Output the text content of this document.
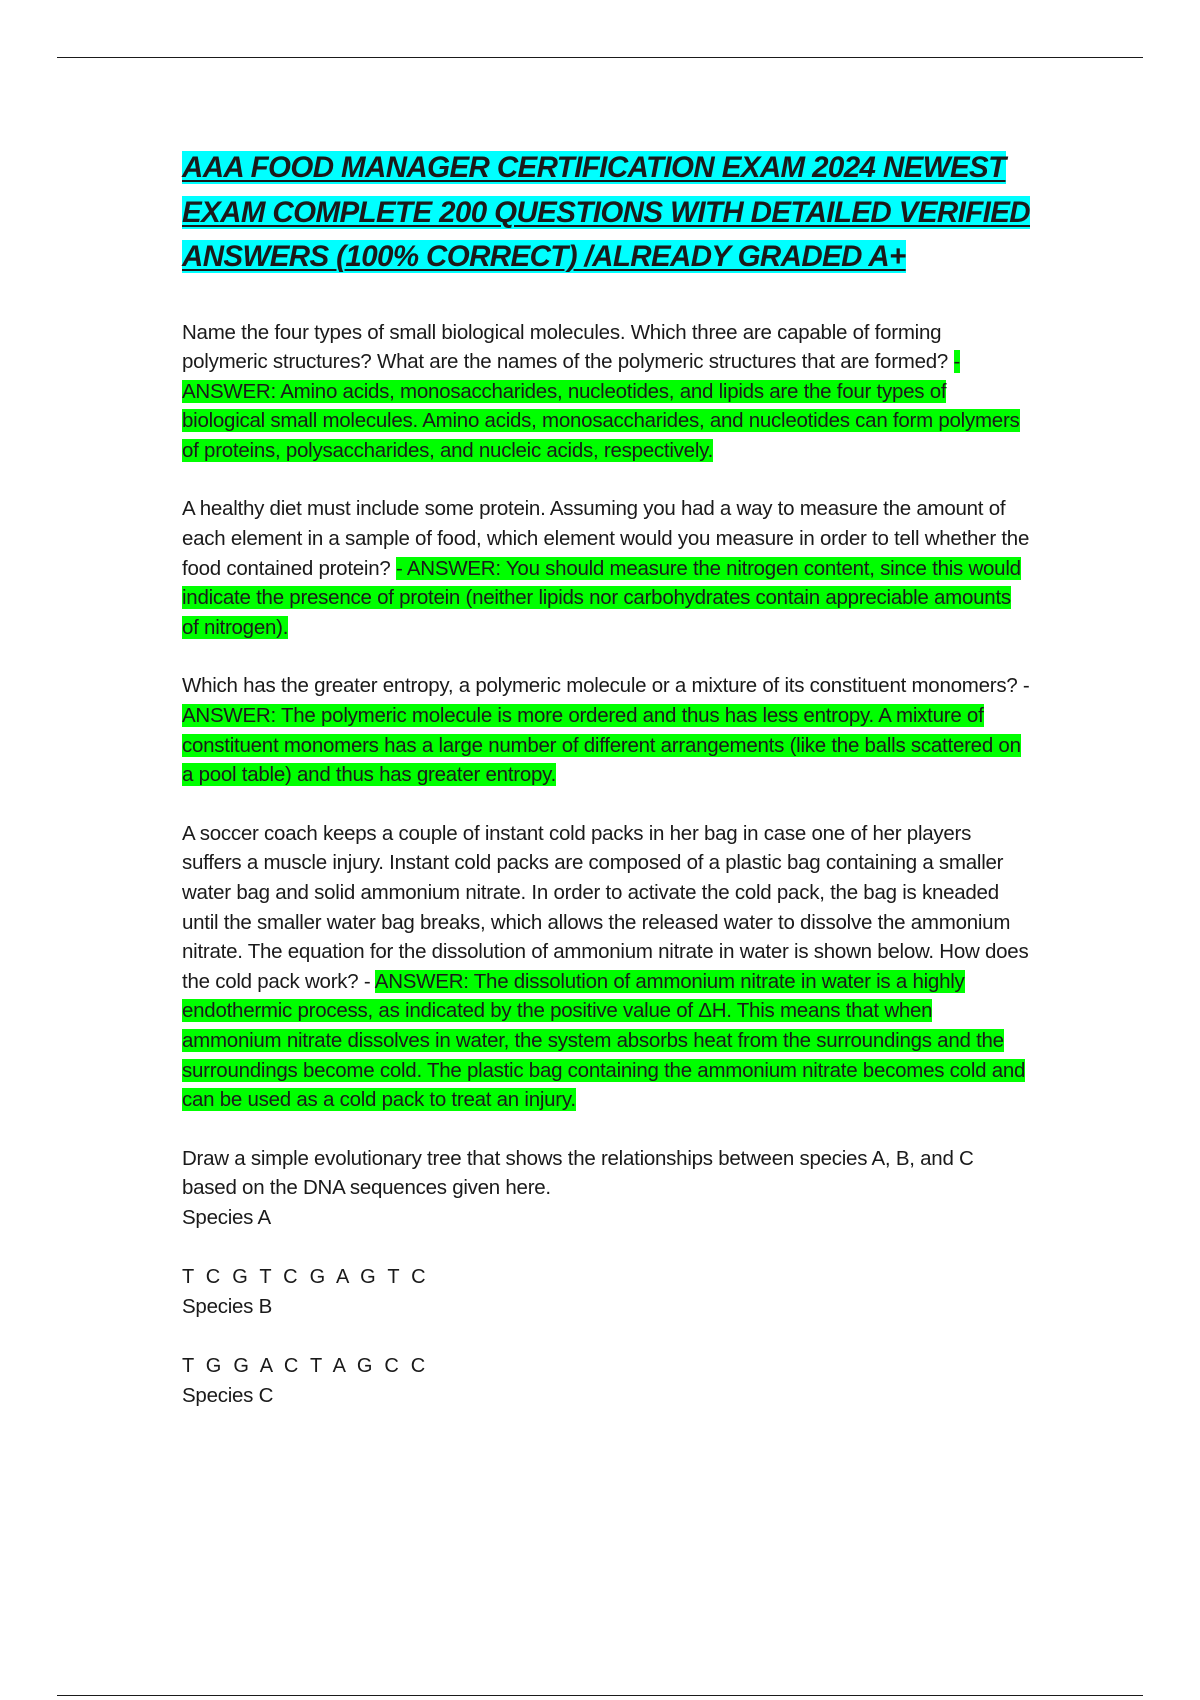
AAA FOOD MANAGER CERTIFICATION EXAM 2024 NEWEST EXAM COMPLETE 200 QUESTIONS WITH DETAILED VERIFIED ANSWERS (100% CORRECT) /ALREADY GRADED A+

Name the four types of small biological molecules. Which three are capable of forming polymeric structures? What are the names of the polymeric structures that are formed? - ANSWER: Amino acids, monosaccharides, nucleotides, and lipids are the four types of biological small molecules. Amino acids, monosaccharides, and nucleotides can form polymers of proteins, polysaccharides, and nucleic acids, respectively.

A healthy diet must include some protein. Assuming you had a way to measure the amount of each element in a sample of food, which element would you measure in order to tell whether the food contained protein? - ANSWER: You should measure the nitrogen content, since this would indicate the presence of protein (neither lipids nor carbohydrates contain appreciable amounts of nitrogen).

Which has the greater entropy, a polymeric molecule or a mixture of its constituent monomers? - ANSWER: The polymeric molecule is more ordered and thus has less entropy. A mixture of constituent monomers has a large number of different arrangements (like the balls scattered on a pool table) and thus has greater entropy.

A soccer coach keeps a couple of instant cold packs in her bag in case one of her players suffers a muscle injury. Instant cold packs are composed of a plastic bag containing a smaller water bag and solid ammonium nitrate. In order to activate the cold pack, the bag is kneaded until the smaller water bag breaks, which allows the released water to dissolve the ammonium nitrate. The equation for the dissolution of ammonium nitrate in water is shown below. How does the cold pack work? - ANSWER: The dissolution of ammonium nitrate in water is a highly endothermic process, as indicated by the positive value of ΔH. This means that when ammonium nitrate dissolves in water, the system absorbs heat from the surroundings and the surroundings become cold. The plastic bag containing the ammonium nitrate becomes cold and can be used as a cold pack to treat an injury.

Draw a simple evolutionary tree that shows the relationships between species A, B, and C based on the DNA sequences given here.
Species A
T C G T C G A G T C
Species B
T G G A C T A G C C
Species C
